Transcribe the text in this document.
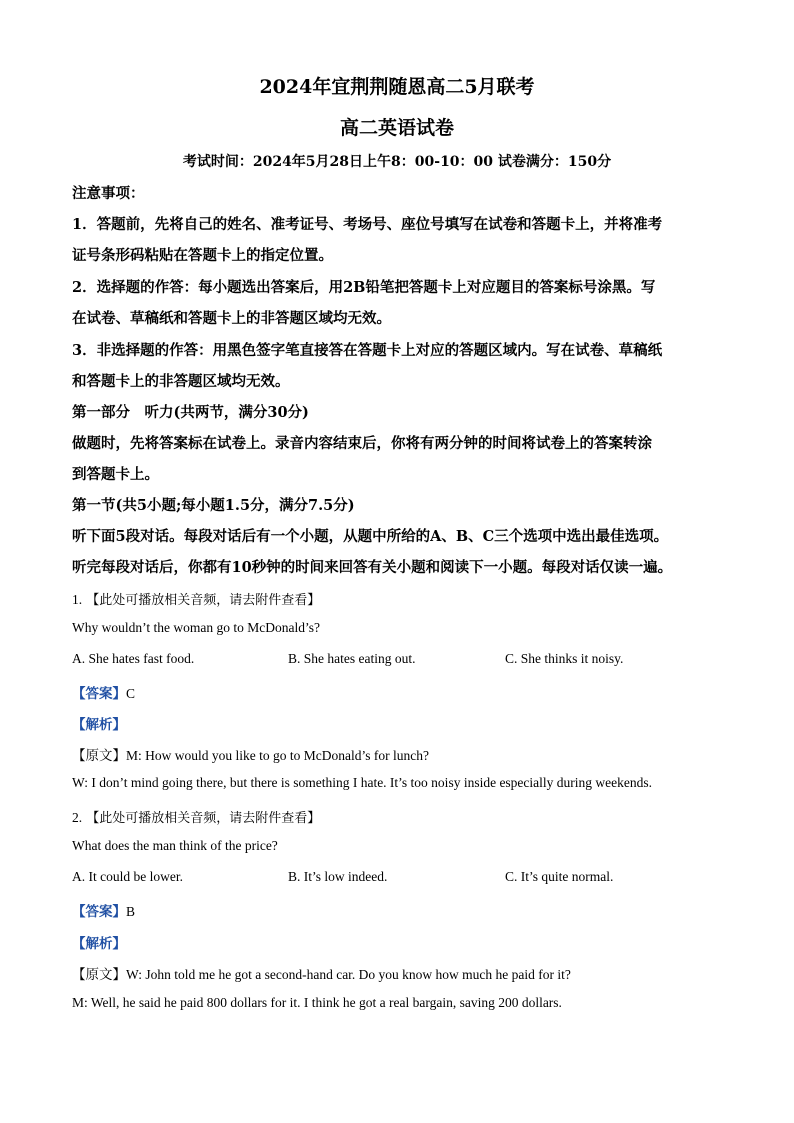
2024年宜荆荆随恩高二5月联考
高二英语试卷
考试时间：2024年5月28日上午8：00-10：00 试卷满分：150分
注意事项：
1．答题前，先将自己的姓名、准考证号、考场号、座位号填写在试卷和答题卡上，并将准考
证号条形码粘贴在答题卡上的指定位置。
2．选择题的作答：每小题选出答案后，用2B铅笔把答题卡上对应题目的答案标号涂黑。写
在试卷、草稿纸和答题卡上的非答题区域均无效。
3．非选择题的作答：用黑色签字笔直接答在答题卡上对应的答题区域内。写在试卷、草稿纸
和答题卡上的非答题区域均无效。
第一部分　听力(共两节，满分30分)
做题时，先将答案标在试卷上。录音内容结束后，你将有两分钟的时间将试卷上的答案转涂
到答题卡上。
第一节(共5小题;每小题1.5分，满分7.5分)
听下面5段对话。每段对话后有一个小题，从题中所给的A、B、C三个选项中选出最佳选项。
听完每段对话后，你都有10秒钟的时间来回答有关小题和阅读下一小题。每段对话仅读一遍。
1. 【此处可播放相关音频，请去附件查看】
Why wouldn’t the woman go to McDonald’s?
A. She hates fast food.	B. She hates eating out.	C. She thinks it noisy.
【答案】C
【解析】
【原文】M: How would you like to go to McDonald’s for lunch?
W: I don’t mind going there, but there is something I hate. It’s too noisy inside especially during weekends.
2. 【此处可播放相关音频，请去附件查看】
What does the man think of the price?
A. It could be lower.	B. It’s low indeed.	C. It’s quite normal.
【答案】B
【解析】
【原文】W: John told me he got a second-hand car. Do you know how much he paid for it?
M: Well, he said he paid 800 dollars for it. I think he got a real bargain, saving 200 dollars.
